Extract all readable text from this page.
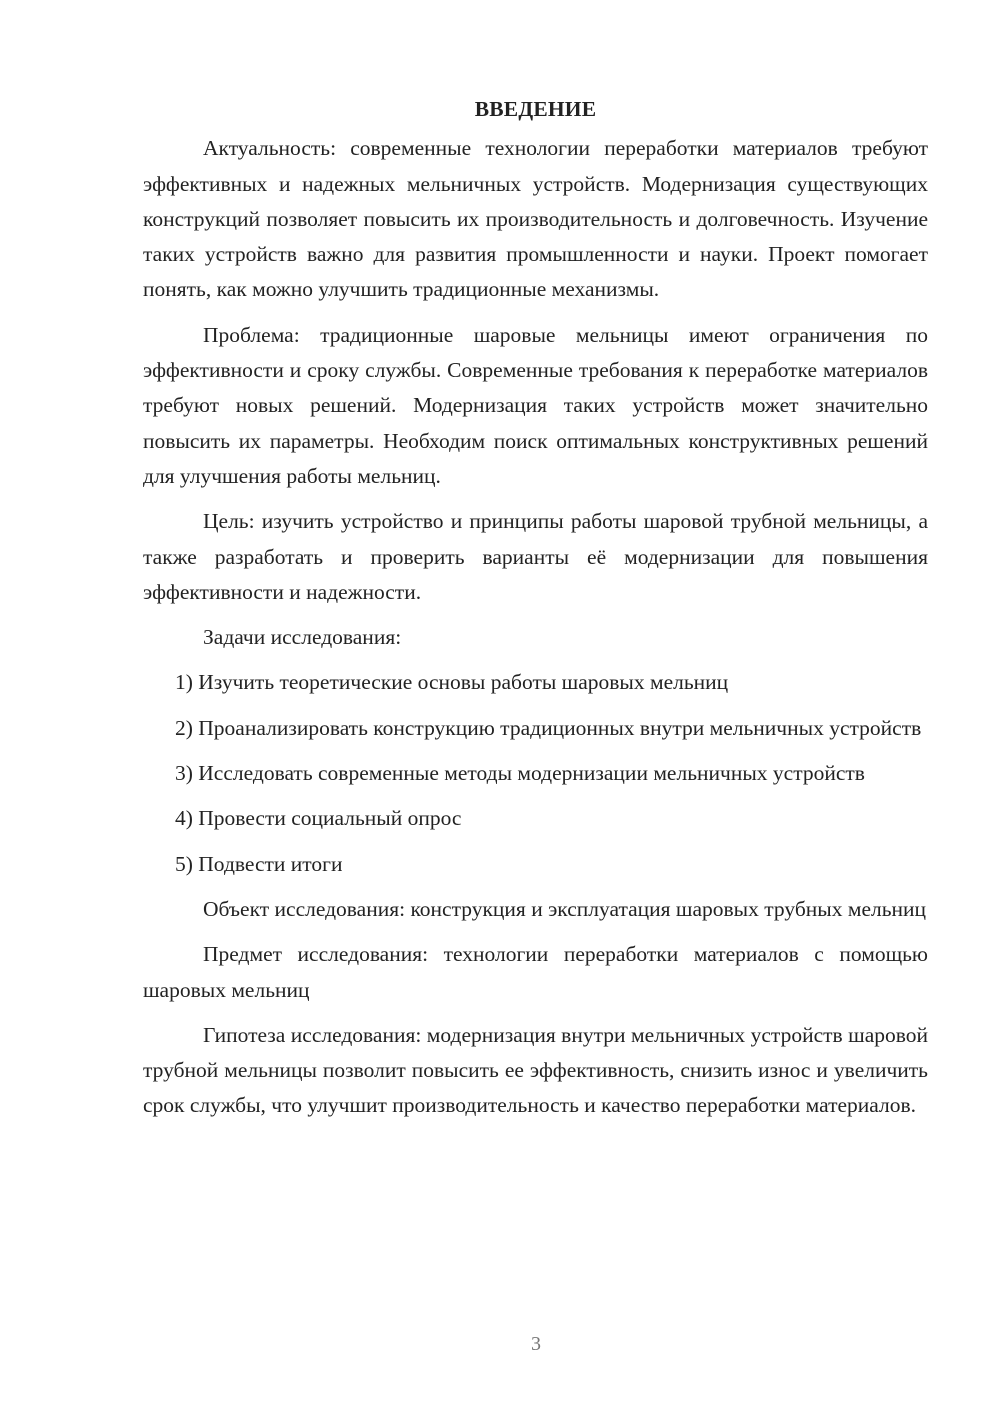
ВВЕДЕНИЕ

Актуальность: современные технологии переработки материалов требуют эффективных и надежных мельничных устройств. Модернизация существующих конструкций позволяет повысить их производительность и долговечность. Изучение таких устройств важно для развития промышленности и науки. Проект помогает понять, как можно улучшить традиционные механизмы.

Проблема: традиционные шаровые мельницы имеют ограничения по эффективности и сроку службы. Современные требования к переработке материалов требуют новых решений. Модернизация таких устройств может значительно повысить их параметры. Необходим поиск оптимальных конструктивных решений для улучшения работы мельниц.

Цель: изучить устройство и принципы работы шаровой трубной мельницы, а также разработать и проверить варианты её модернизации для повышения эффективности и надежности.

Задачи исследования:

1) Изучить теоретические основы работы шаровых мельниц

2) Проанализировать конструкцию традиционных внутри мельничных устройств

3) Исследовать современные методы модернизации мельничных устройств

4) Провести социальный опрос

5) Подвести итоги

Объект исследования: конструкция и эксплуатация шаровых трубных мельниц

Предмет исследования: технологии переработки материалов с помощью шаровых мельниц

Гипотеза исследования: модернизация внутри мельничных устройств шаровой трубной мельницы позволит повысить ее эффективность, снизить износ и увеличить срок службы, что улучшит производительность и качество переработки материалов.

3
